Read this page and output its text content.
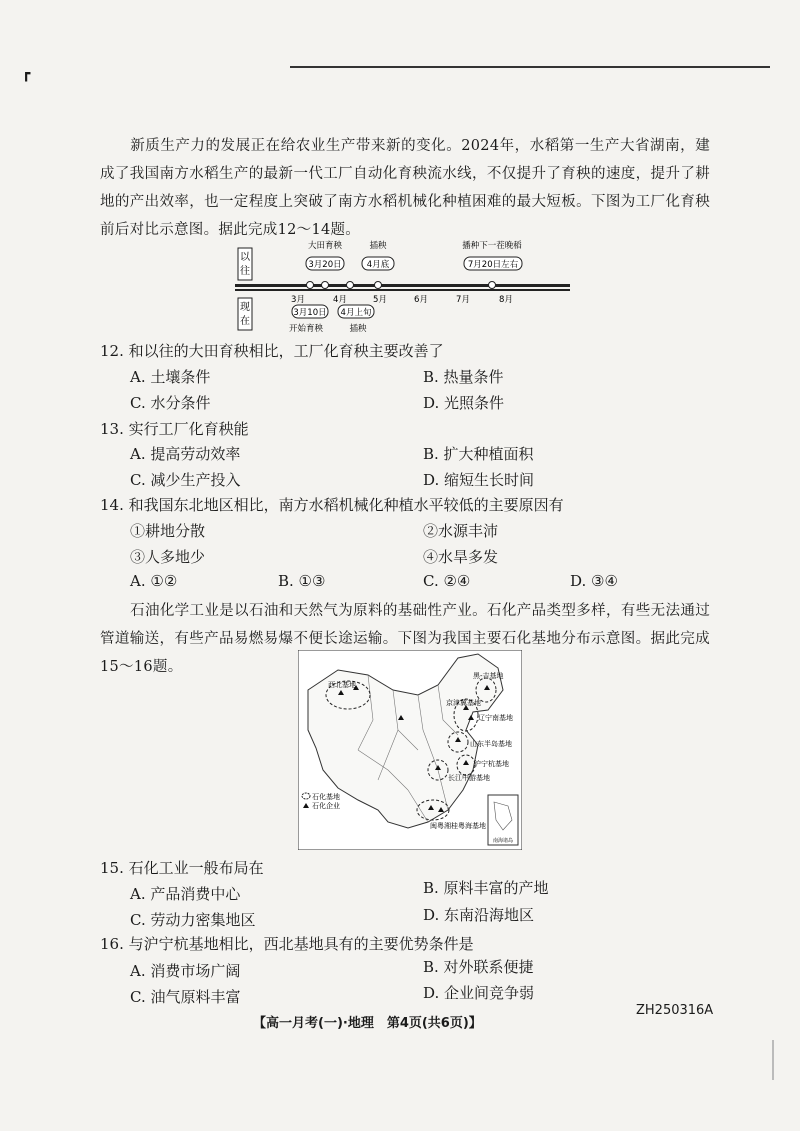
┏
新质生产力的发展正在给农业生产带来新的变化。2024年，水稻第一生产大省湖南，建成了我国南方水稻生产的最新一代工厂自动化育秧流水线，不仅提升了育秧的速度，提升了耕地的产出效率，也一定程度上突破了南方水稻机械化种植困难的最大短板。下图为工厂化育秧前后对比示意图。据此完成12～14题。
以
往
现
在
大田育秧
3月20日
插秧
4月底
播种下一茬晚稻
7月20日左右
3月	4月	5月	6月	7月	8月
3月10日
开始育秧
4月上旬
插秧
12. 和以往的大田育秧相比，工厂化育秧主要改善了
A. 土壤条件	B. 热量条件
C. 水分条件	D. 光照条件
13. 实行工厂化育秧能
A. 提高劳动效率	B. 扩大种植面积
C. 减少生产投入	D. 缩短生长时间
14. 和我国东北地区相比，南方水稻机械化种植水平较低的主要原因有
①耕地分散	②水源丰沛
③人多地少	④水旱多发
A. ①②	B. ①③	C. ②④	D. ③④
石油化学工业是以石油和天然气为原料的基础性产业。石化产品类型多样，有些无法通过管道输送，有些产品易燃易爆不便长途运输。下图为我国主要石化基地分布示意图。据此完成15～16题。
西北基地
京津冀基地
辽宁南基地
山东半岛基地
沪宁杭基地
长江中游基地
闽粤湘桂粤海基地
黑-吉基地
石化基地
石化企业
南海诸岛
15. 石化工业一般布局在
A. 产品消费中心	B. 原料丰富的产地
C. 劳动力密集地区	D. 东南沿海地区
16. 与沪宁杭基地相比，西北基地具有的主要优势条件是
A. 消费市场广阔	B. 对外联系便捷
C. 油气原料丰富	D. 企业间竞争弱
【高一月考(一)·地理　第4页(共6页)】
ZH250316A
